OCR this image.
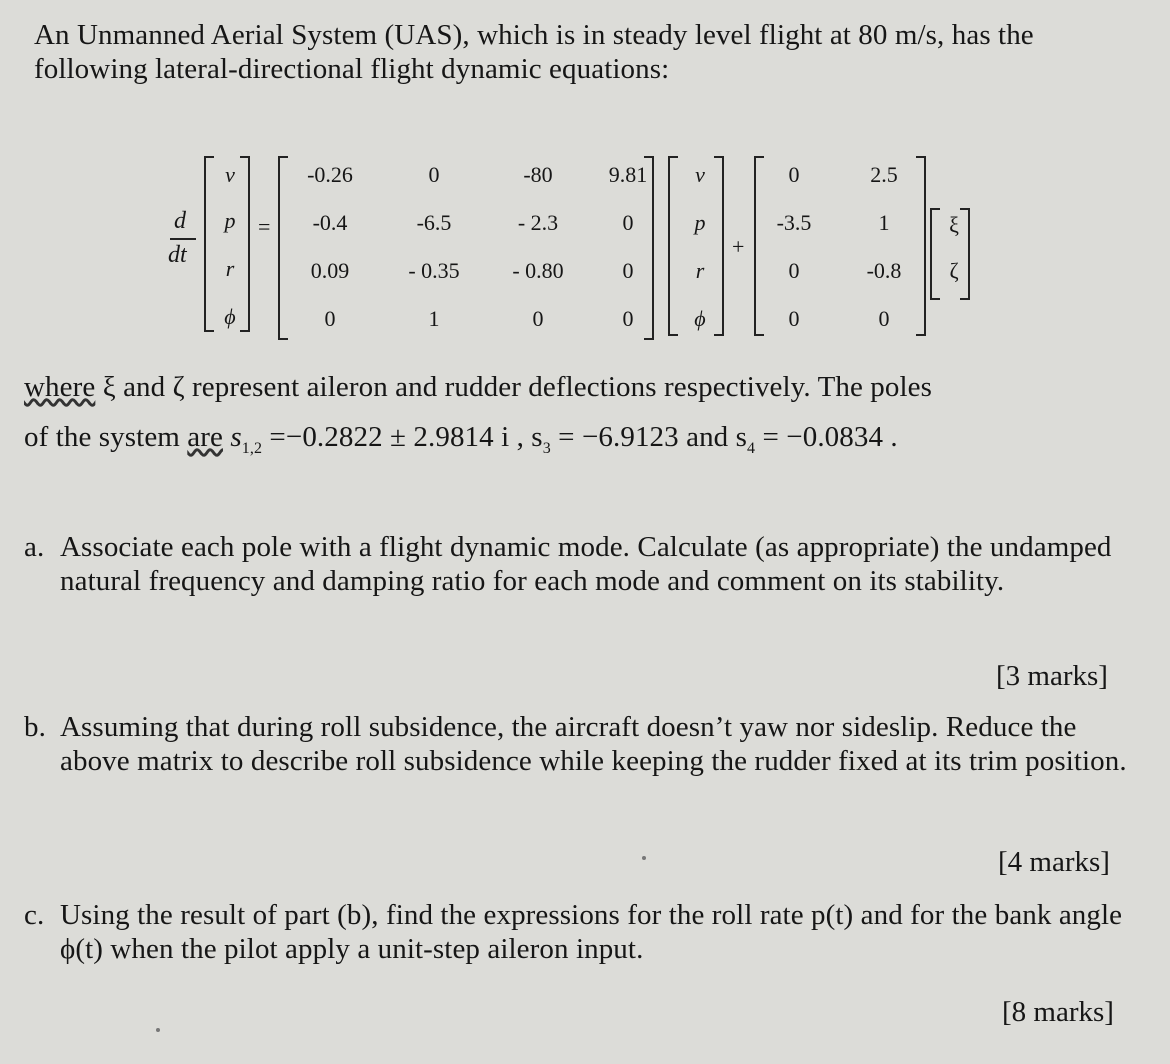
An Unmanned Aerial System (UAS), which is in steady level flight at 80 m/s, has the following lateral-directional flight dynamic equations:
d
dt
v
p
r
ϕ
=
-0.26	0	-80	9.81
-0.4	-6.5	- 2.3	0
0.09	- 0.35	- 0.80	0
0	1	0	0
v
p
r
ϕ
+
0	2.5
-3.5	1
0	-0.8
0	0
ξ
ζ
where ξ and ζ represent aileron and rudder deflections respectively. The poles
of the system are $s_{1,2} =-0.2822 \pm 2.9814$ i , $s_3 = -6.9123$ and $s_4 = -0.0834$ .
a. Associate each pole with a flight dynamic mode. Calculate (as appropriate) the undamped natural frequency and damping ratio for each mode and comment on its stability.
[3 marks]
b. Assuming that during roll subsidence, the aircraft doesn’t yaw nor sideslip. Reduce the above matrix to describe roll subsidence while keeping the rudder fixed at its trim position.
[4 marks]
c. Using the result of part (b), find the expressions for the roll rate p(t) and for the bank angle ϕ(t) when the pilot apply a unit-step aileron input.
[8 marks]
